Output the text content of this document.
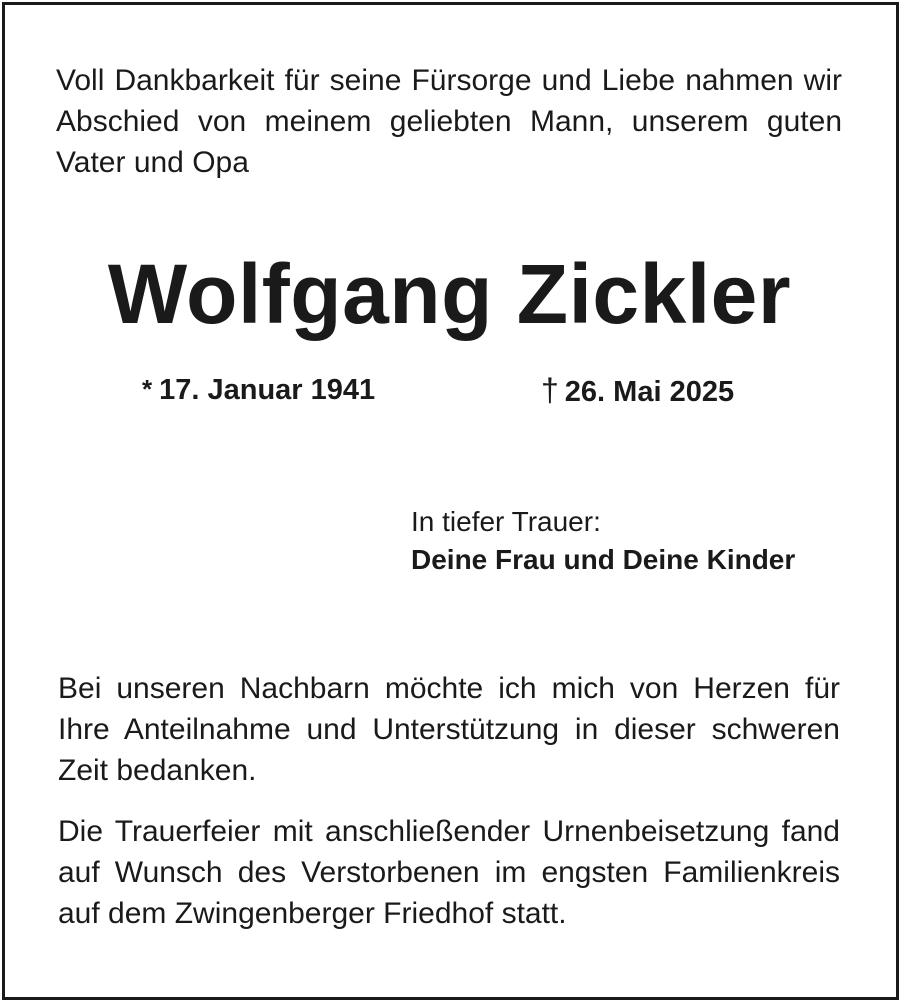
Voll Dankbarkeit für seine Fürsorge und Liebe nahmen wir Abschied von meinem geliebten Mann, unserem guten Vater und Opa

Wolfgang Zickler
* 17. Januar 1941	† 26. Mai 2025

In tiefer Trauer:

Deine Frau und Deine Kinder

Bei unseren Nachbarn möchte ich mich von Herzen für Ihre Anteilnahme und Unterstützung in dieser schweren Zeit bedanken.

Die Trauerfeier mit anschließender Urnenbeisetzung fand auf Wunsch des Verstorbenen im engsten Familienkreis auf dem Zwingenberger Friedhof statt.
